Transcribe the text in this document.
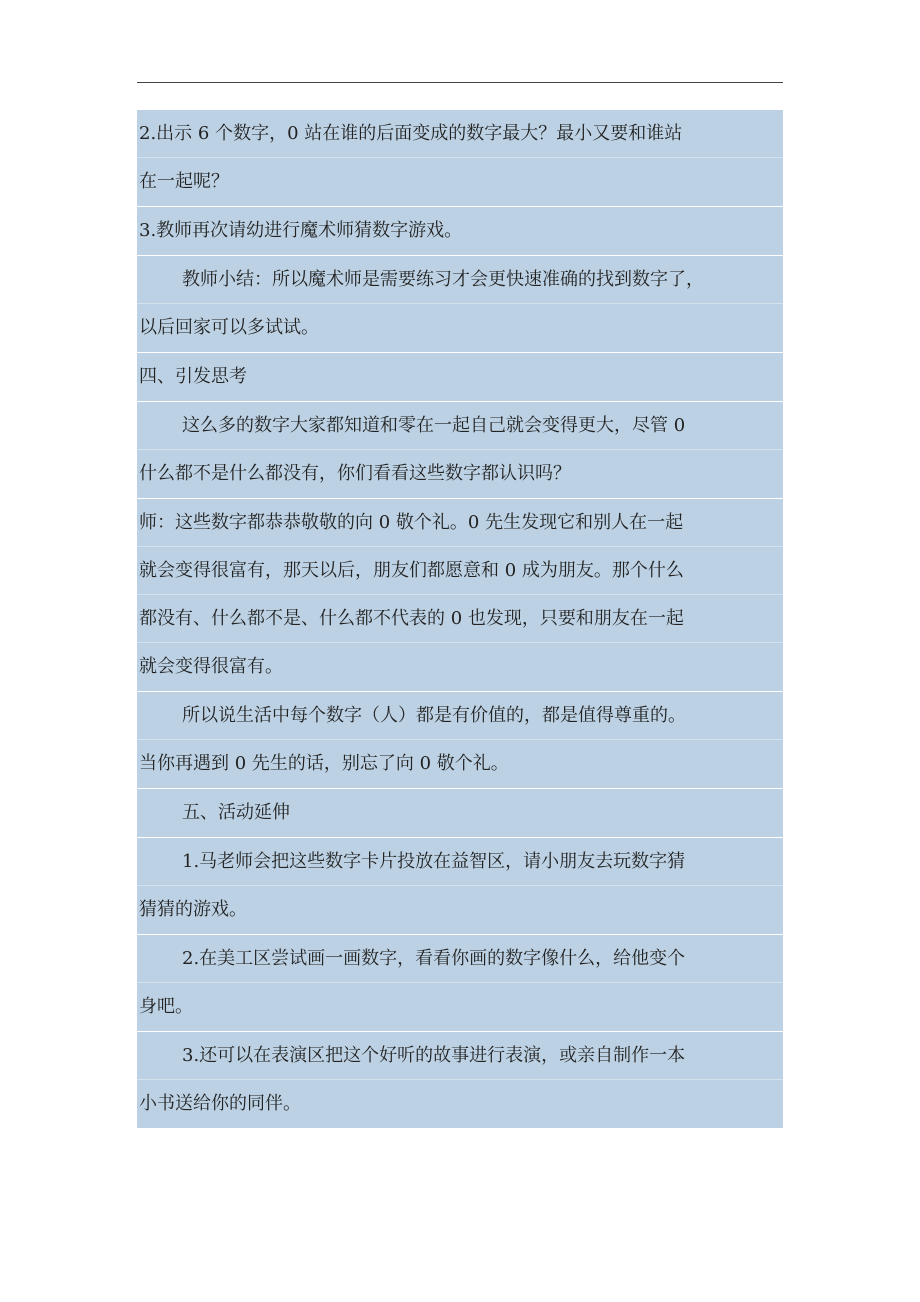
2.出示 6 个数字，0 站在谁的后面变成的数字最大？最小又要和谁站
在一起呢？
3.教师再次请幼进行魔术师猜数字游戏。
教师小结：所以魔术师是需要练习才会更快速准确的找到数字了，
以后回家可以多试试。
四、引发思考
这么多的数字大家都知道和零在一起自己就会变得更大，尽管 0
什么都不是什么都没有，你们看看这些数字都认识吗？
师：这些数字都恭恭敬敬的向 0 敬个礼。0 先生发现它和别人在一起
就会变得很富有，那天以后，朋友们都愿意和 0 成为朋友。那个什么
都没有、什么都不是、什么都不代表的 0 也发现，只要和朋友在一起
就会变得很富有。
所以说生活中每个数字（人）都是有价值的，都是值得尊重的。
当你再遇到 0 先生的话，别忘了向 0 敬个礼。
五、活动延伸
1.马老师会把这些数字卡片投放在益智区，请小朋友去玩数字猜
猜猜的游戏。
2.在美工区尝试画一画数字，看看你画的数字像什么，给他变个
身吧。
3.还可以在表演区把这个好听的故事进行表演，或亲自制作一本
小书送给你的同伴。
